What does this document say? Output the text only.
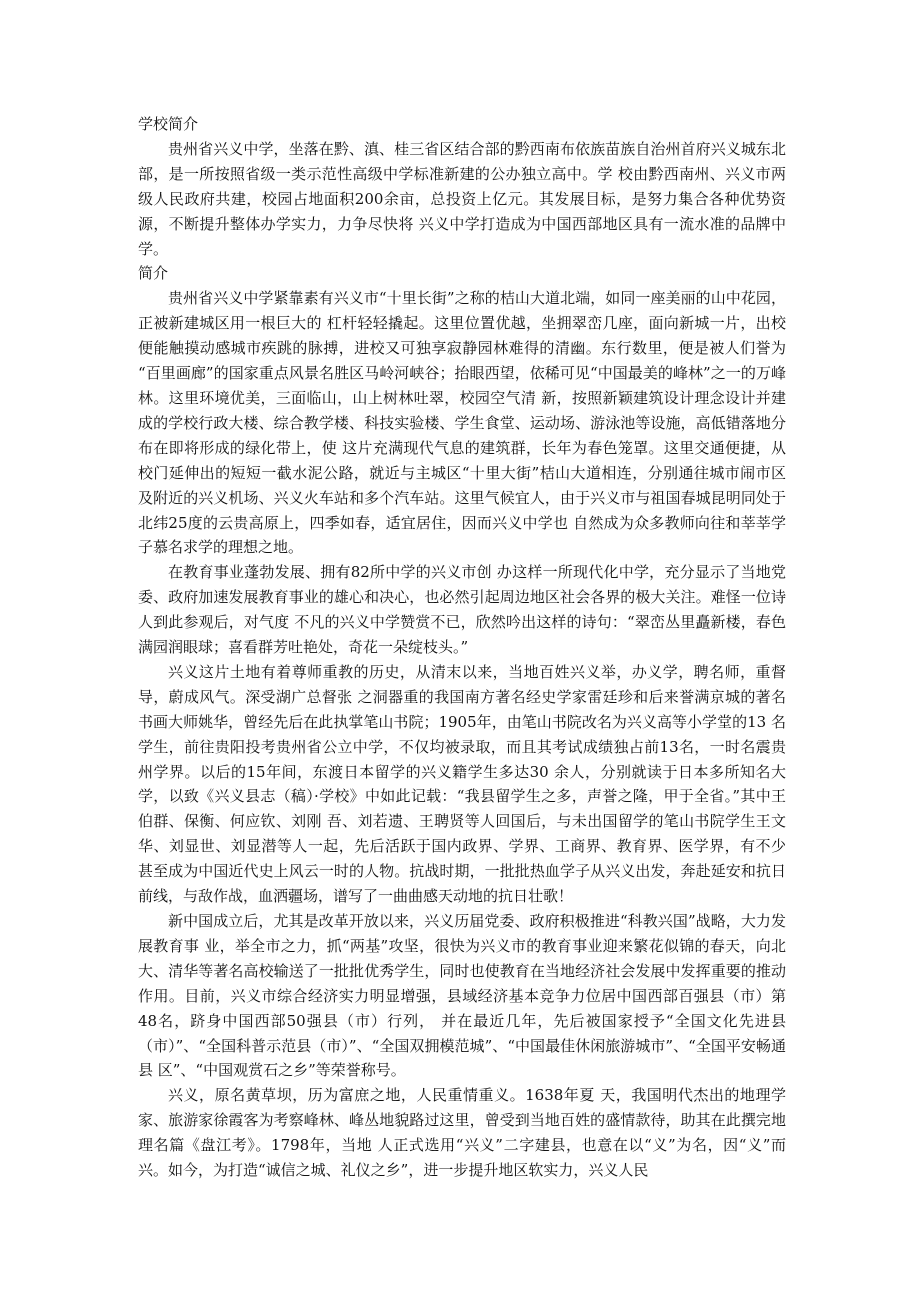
学校简介

贵州省兴义中学，坐落在黔、滇、桂三省区结合部的黔西南布依族苗族自治州首府兴义城东北部，是一所按照省级一类示范性高级中学标准新建的公办独立高中。学 校由黔西南州、兴义市两级人民政府共建，校园占地面积200余亩，总投资上亿元。其发展目标，是努力集合各种优势资源，不断提升整体办学实力，力争尽快将 兴义中学打造成为中国西部地区具有一流水准的品牌中学。

简介

贵州省兴义中学紧靠素有兴义市“十里长街”之称的桔山大道北端，如同一座美丽的山中花园，正被新建城区用一根巨大的 杠杆轻轻撬起。这里位置优越，坐拥翠峦几座，面向新城一片，出校便能触摸动感城市疾跳的脉搏，进校又可独享寂静园林难得的清幽。东行数里，便是被人们誉为 “百里画廊”的国家重点风景名胜区马岭河峡谷；抬眼西望，依稀可见“中国最美的峰林”之一的万峰林。这里环境优美，三面临山，山上树林吐翠，校园空气清 新，按照新颖建筑设计理念设计并建成的学校行政大楼、综合教学楼、科技实验楼、学生食堂、运动场、游泳池等设施，高低错落地分布在即将形成的绿化带上，使 这片充满现代气息的建筑群，长年为春色笼罩。这里交通便捷，从校门延伸出的短短一截水泥公路，就近与主城区“十里大街”桔山大道相连，分别通往城市闹市区 及附近的兴义机场、兴义火车站和多个汽车站。这里气候宜人，由于兴义市与祖国春城昆明同处于北纬25度的云贵高原上，四季如春，适宜居住，因而兴义中学也 自然成为众多教师向往和莘莘学子慕名求学的理想之地。

在教育事业蓬勃发展、拥有82所中学的兴义市创 办这样一所现代化中学，充分显示了当地党委、政府加速发展教育事业的雄心和决心，也必然引起周边地区社会各界的极大关注。难怪一位诗人到此参观后，对气度 不凡的兴义中学赞赏不已，欣然吟出这样的诗句：“翠峦丛里矗新楼，春色满园润眼球；喜看群芳吐艳处，奇花一朵绽枝头。”

兴义这片土地有着尊师重教的历史，从清末以来，当地百姓兴义举，办义学，聘名师，重督导，蔚成风气。深受湖广总督张 之洞器重的我国南方著名经史学家雷廷珍和后来誉满京城的著名书画大师姚华，曾经先后在此执掌笔山书院；1905年，由笔山书院改名为兴义高等小学堂的13 名学生，前往贵阳投考贵州省公立中学，不仅均被录取，而且其考试成绩独占前13名，一时名震贵州学界。以后的15年间，东渡日本留学的兴义籍学生多达30 余人，分别就读于日本多所知名大学，以致《兴义县志（稿）·学校》中如此记载：“我县留学生之多，声誉之隆，甲于全省。”其中王伯群、保衡、何应钦、刘刚 吾、刘若遗、王聘贤等人回国后，与未出国留学的笔山书院学生王文华、刘显世、刘显潜等人一起，先后活跃于国内政界、学界、工商界、教育界、医学界，有不少 甚至成为中国近代史上风云一时的人物。抗战时期，一批批热血学子从兴义出发，奔赴延安和抗日前线，与敌作战，血洒疆场，谱写了一曲曲感天动地的抗日壮歌！

新中国成立后，尤其是改革开放以来，兴义历届党委、政府积极推进“科教兴国”战略，大力发展教育事 业，举全市之力，抓“两基”攻坚，很快为兴义市的教育事业迎来繁花似锦的春天，向北大、清华等著名高校输送了一批批优秀学生，同时也使教育在当地经济社会发展中发挥重要的推动作用。目前，兴义市综合经济实力明显增强，县域经济基本竞争力位居中国西部百强县（市）第48名，跻身中国西部50强县（市）行列， 并在最近几年，先后被国家授予“全国文化先进县（市）”、“全国科普示范县（市）”、“全国双拥模范城”、“中国最佳休闲旅游城市”、“全国平安畅通县 区”、“中国观赏石之乡”等荣誉称号。

兴义，原名黄草坝，历为富庶之地，人民重情重义。1638年夏 天，我国明代杰出的地理学家、旅游家徐霞客为考察峰林、峰丛地貌路过这里，曾受到当地百姓的盛情款待，助其在此撰完地理名篇《盘江考》。1798年，当地 人正式选用“兴义”二字建县，也意在以“义”为名，因“义”而兴。如今，为打造“诚信之城、礼仪之乡”，进一步提升地区软实力，兴义人民
